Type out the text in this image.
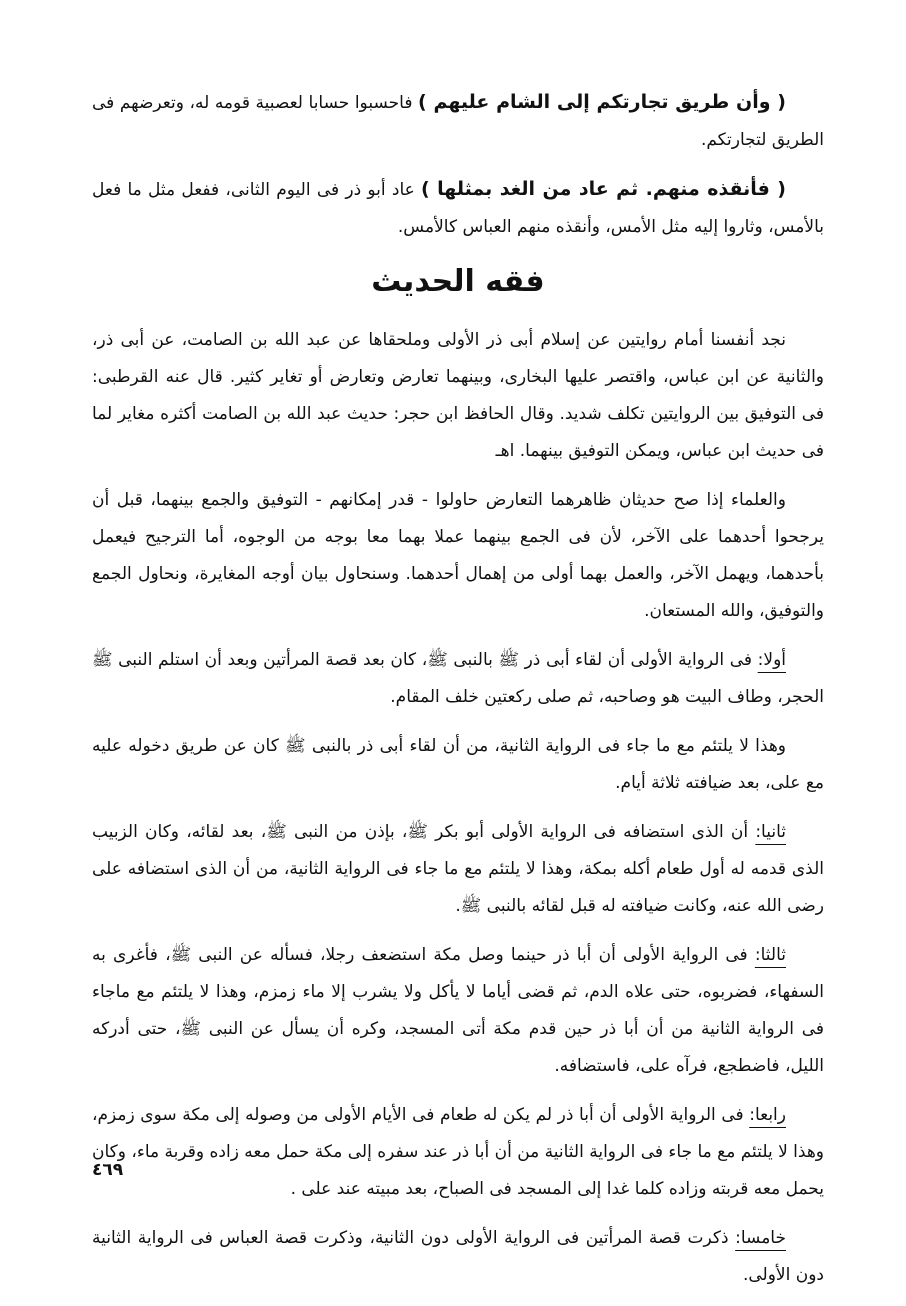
( وأن طريق تجارتكم إلى الشام عليهم ) فاحسبوا حسابا لعصبية قومه له، وتعرضهم فى الطريق لتجارتكم.

( فأنقذه منهم. ثم عاد من الغد بمثلها ) عاد أبو ذر فى اليوم الثانى، ففعل مثل ما فعل بالأمس، وثاروا إليه مثل الأمس، وأنقذه منهم العباس كالأمس.

فقه الحديث

نجد أنفسنا أمام روايتين عن إسلام أبى ذر الأولى وملحقاها عن عبد الله بن الصامت، عن أبى ذر، والثانية عن ابن عباس، واقتصر عليها البخارى، وبينهما تعارض وتعارض أو تغاير كثير. قال عنه القرطبى: فى التوفيق بين الروايتين تكلف شديد. وقال الحافظ ابن حجر: حديث عبد الله بن الصامت أكثره مغاير لما فى حديث ابن عباس، ويمكن التوفيق بينهما. اهـ

والعلماء إذا صح حديثان ظاهرهما التعارض حاولوا - قدر إمكانهم - التوفيق والجمع بينهما، قبل أن يرجحوا أحدهما على الآخر، لأن فى الجمع بينهما عملا بهما معا بوجه من الوجوه، أما الترجيح فيعمل بأحدهما، ويهمل الآخر، والعمل بهما أولى من إهمال أحدهما. وسنحاول بيان أوجه المغايرة، ونحاول الجمع والتوفيق، والله المستعان.

أولا: فى الرواية الأولى أن لقاء أبى ذر ﷺ بالنبى ﷺ، كان بعد قصة المرأتين وبعد أن استلم النبى ﷺ الحجر، وطاف البيت هو وصاحبه، ثم صلى ركعتين خلف المقام.

وهذا لا يلتئم مع ما جاء فى الرواية الثانية، من أن لقاء أبى ذر بالنبى ﷺ كان عن طريق دخوله عليه مع على، بعد ضيافته ثلاثة أيام.

ثانيا: أن الذى استضافه فى الرواية الأولى أبو بكر ﷺ، بإذن من النبى ﷺ، بعد لقائه، وكان الزبيب الذى قدمه له أول طعام أكله بمكة، وهذا لا يلتئم مع ما جاء فى الرواية الثانية، من أن الذى استضافه على رضى الله عنه، وكانت ضيافته له قبل لقائه بالنبى ﷺ.

ثالثا: فى الرواية الأولى أن أبا ذر حينما وصل مكة استضعف رجلا، فسأله عن النبى ﷺ، فأغرى به السفهاء، فضربوه، حتى علاه الدم، ثم قضى أياما لا يأكل ولا يشرب إلا ماء زمزم، وهذا لا يلتئم مع ماجاء فى الرواية الثانية من أن أبا ذر حين قدم مكة أتى المسجد، وكره أن يسأل عن النبى ﷺ، حتى أدركه الليل، فاضطجع، فرآه على، فاستضافه.

رابعا: فى الرواية الأولى أن أبا ذر لم يكن له طعام فى الأيام الأولى من وصوله إلى مكة سوى زمزم، وهذا لا يلتئم مع ما جاء فى الرواية الثانية من أن أبا ذر عند سفره إلى مكة حمل معه زاده وقربة ماء، وكان يحمل معه قربته وزاده كلما غدا إلى المسجد فى الصباح، بعد مبيته عند على .

خامسا: ذكرت قصة المرأتين فى الرواية الأولى دون الثانية، وذكرت قصة العباس فى الرواية الثانية دون الأولى.

٤٦٩
